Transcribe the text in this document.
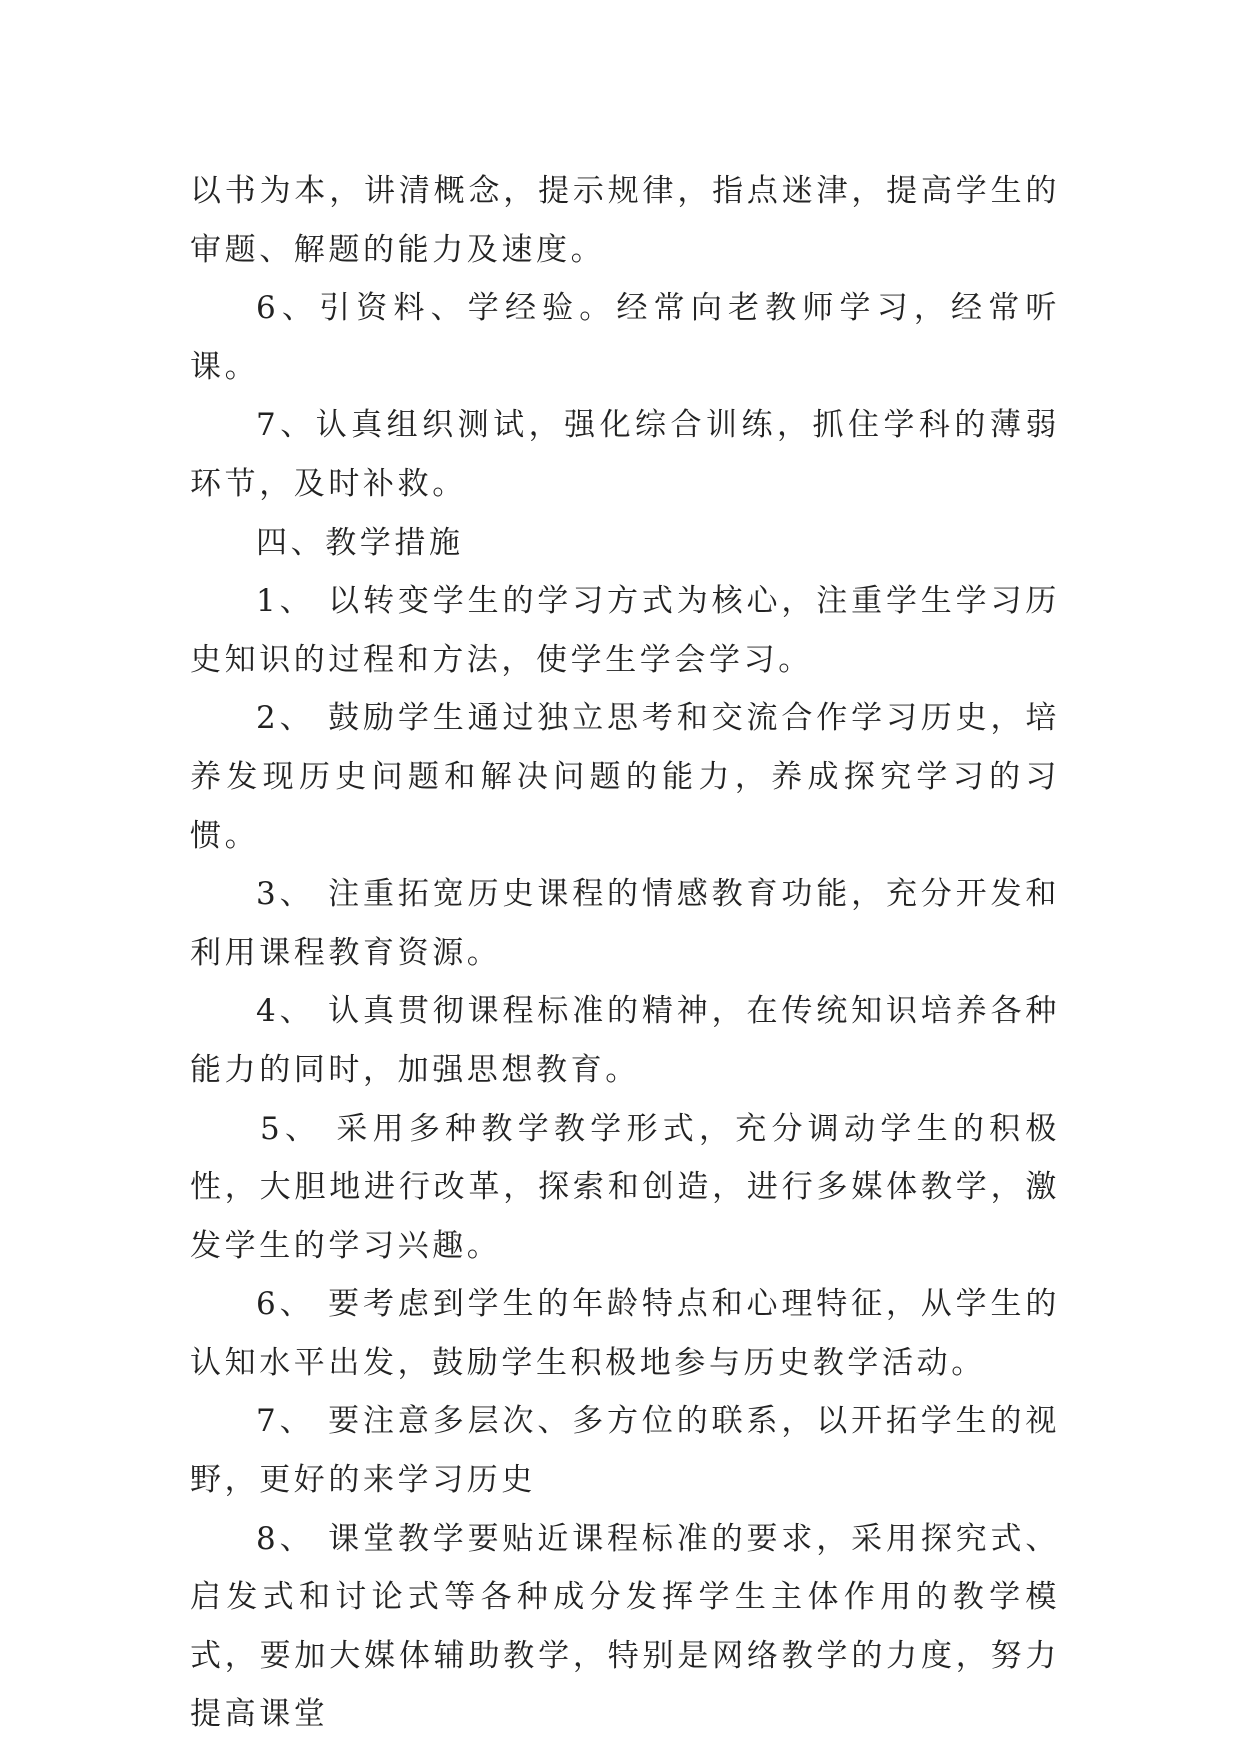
以书为本，讲清概念，提示规律，指点迷津，提高学生的审题、解题的能力及速度。

6、引资料、学经验。经常向老教师学习，经常听课。

7、认真组织测试，强化综合训练，抓住学科的薄弱环节，及时补救。

四、教学措施

1、 以转变学生的学习方式为核心，注重学生学习历史知识的过程和方法，使学生学会学习。

2、 鼓励学生通过独立思考和交流合作学习历史，培养发现历史问题和解决问题的能力，养成探究学习的习惯。

3、 注重拓宽历史课程的情感教育功能，充分开发和利用课程教育资源。

4、 认真贯彻课程标准的精神，在传统知识培养各种能力的同时，加强思想教育。

5、 采用多种教学教学形式，充分调动学生的积极性，大胆地进行改革，探索和创造，进行多媒体教学，激发学生的学习兴趣。

6、 要考虑到学生的年龄特点和心理特征，从学生的认知水平出发，鼓励学生积极地参与历史教学活动。

7、 要注意多层次、多方位的联系，以开拓学生的视野，更好的来学习历史

8、 课堂教学要贴近课程标准的要求，采用探究式、启发式和讨论式等各种成分发挥学生主体作用的教学模式，要加大媒体辅助教学，特别是网络教学的力度，努力提高课堂
